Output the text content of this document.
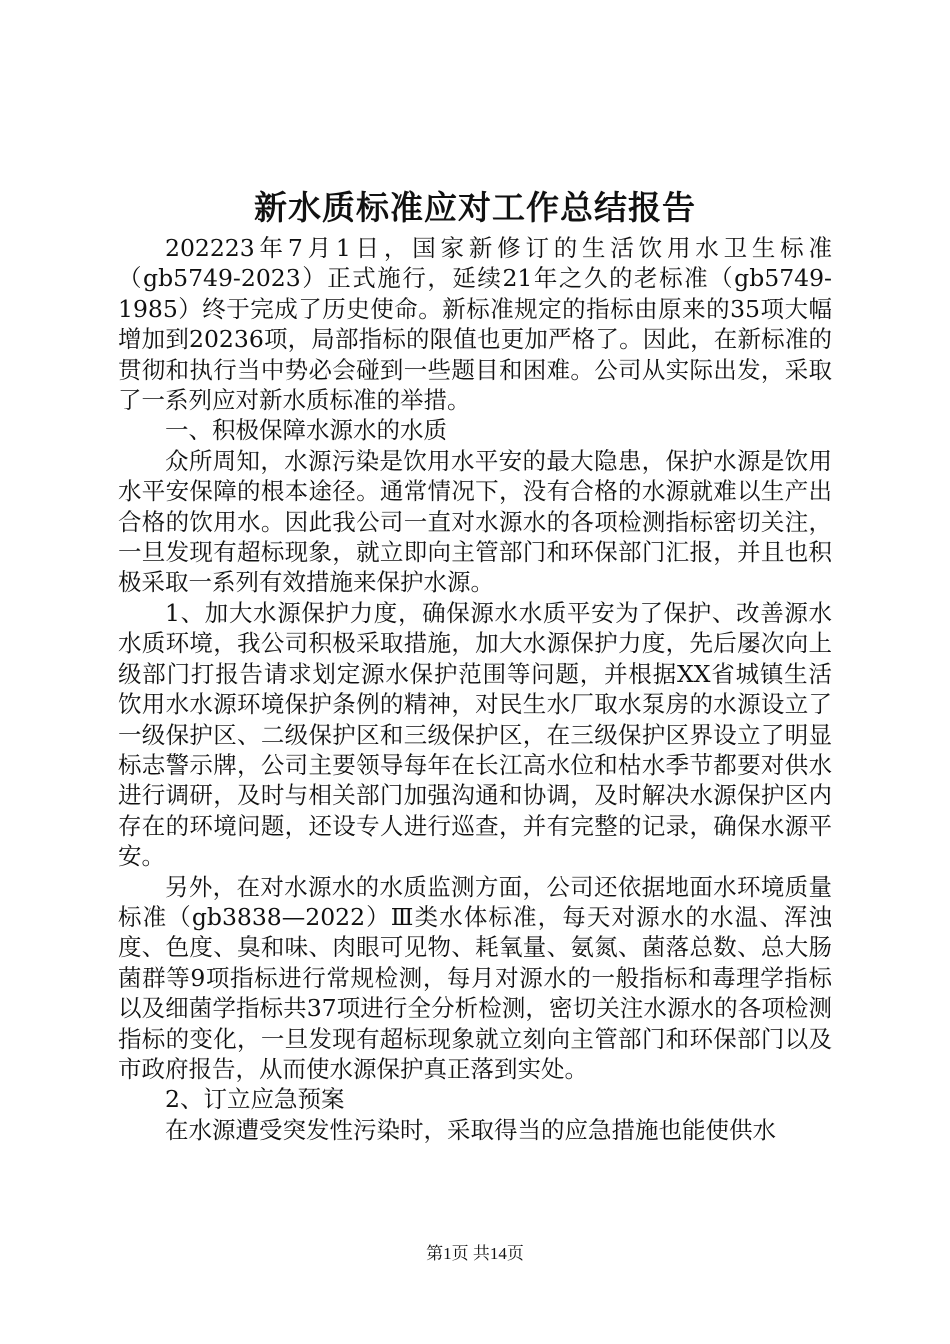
新水质标准应对工作总结报告

202223年7月1日，国家新修订的生活饮用水卫生标准（gb5749-2023）正式施行，延续21年之久的老标准（gb5749-1985）终于完成了历史使命。新标准规定的指标由原来的35项大幅增加到20236项，局部指标的限值也更加严格了。因此，在新标准的贯彻和执行当中势必会碰到一些题目和困难。公司从实际出发，采取了一系列应对新水质标准的举措。

一、积极保障水源水的水质

众所周知，水源污染是饮用水平安的最大隐患，保护水源是饮用水平安保障的根本途径。通常情况下，没有合格的水源就难以生产出合格的饮用水。因此我公司一直对水源水的各项检测指标密切关注，一旦发现有超标现象，就立即向主管部门和环保部门汇报，并且也积极采取一系列有效措施来保护水源。

1、加大水源保护力度，确保源水水质平安为了保护、改善源水水质环境，我公司积极采取措施，加大水源保护力度，先后屡次向上级部门打报告请求划定源水保护范围等问题，并根据XX省城镇生活饮用水水源环境保护条例的精神，对民生水厂取水泵房的水源设立了一级保护区、二级保护区和三级保护区，在三级保护区界设立了明显标志警示牌，公司主要领导每年在长江高水位和枯水季节都要对供水进行调研，及时与相关部门加强沟通和协调，及时解决水源保护区内存在的环境问题，还设专人进行巡查，并有完整的记录，确保水源平安。

另外，在对水源水的水质监测方面，公司还依据地面水环境质量标准（gb3838—2022）Ⅲ类水体标准，每天对源水的水温、浑浊度、色度、臭和味、肉眼可见物、耗氧量、氨氮、菌落总数、总大肠菌群等9项指标进行常规检测，每月对源水的一般指标和毒理学指标以及细菌学指标共37项进行全分析检测，密切关注水源水的各项检测指标的变化，一旦发现有超标现象就立刻向主管部门和环保部门以及市政府报告，从而使水源保护真正落到实处。

2、订立应急预案

在水源遭受突发性污染时，采取得当的应急措施也能使供水

第1页 共14页
